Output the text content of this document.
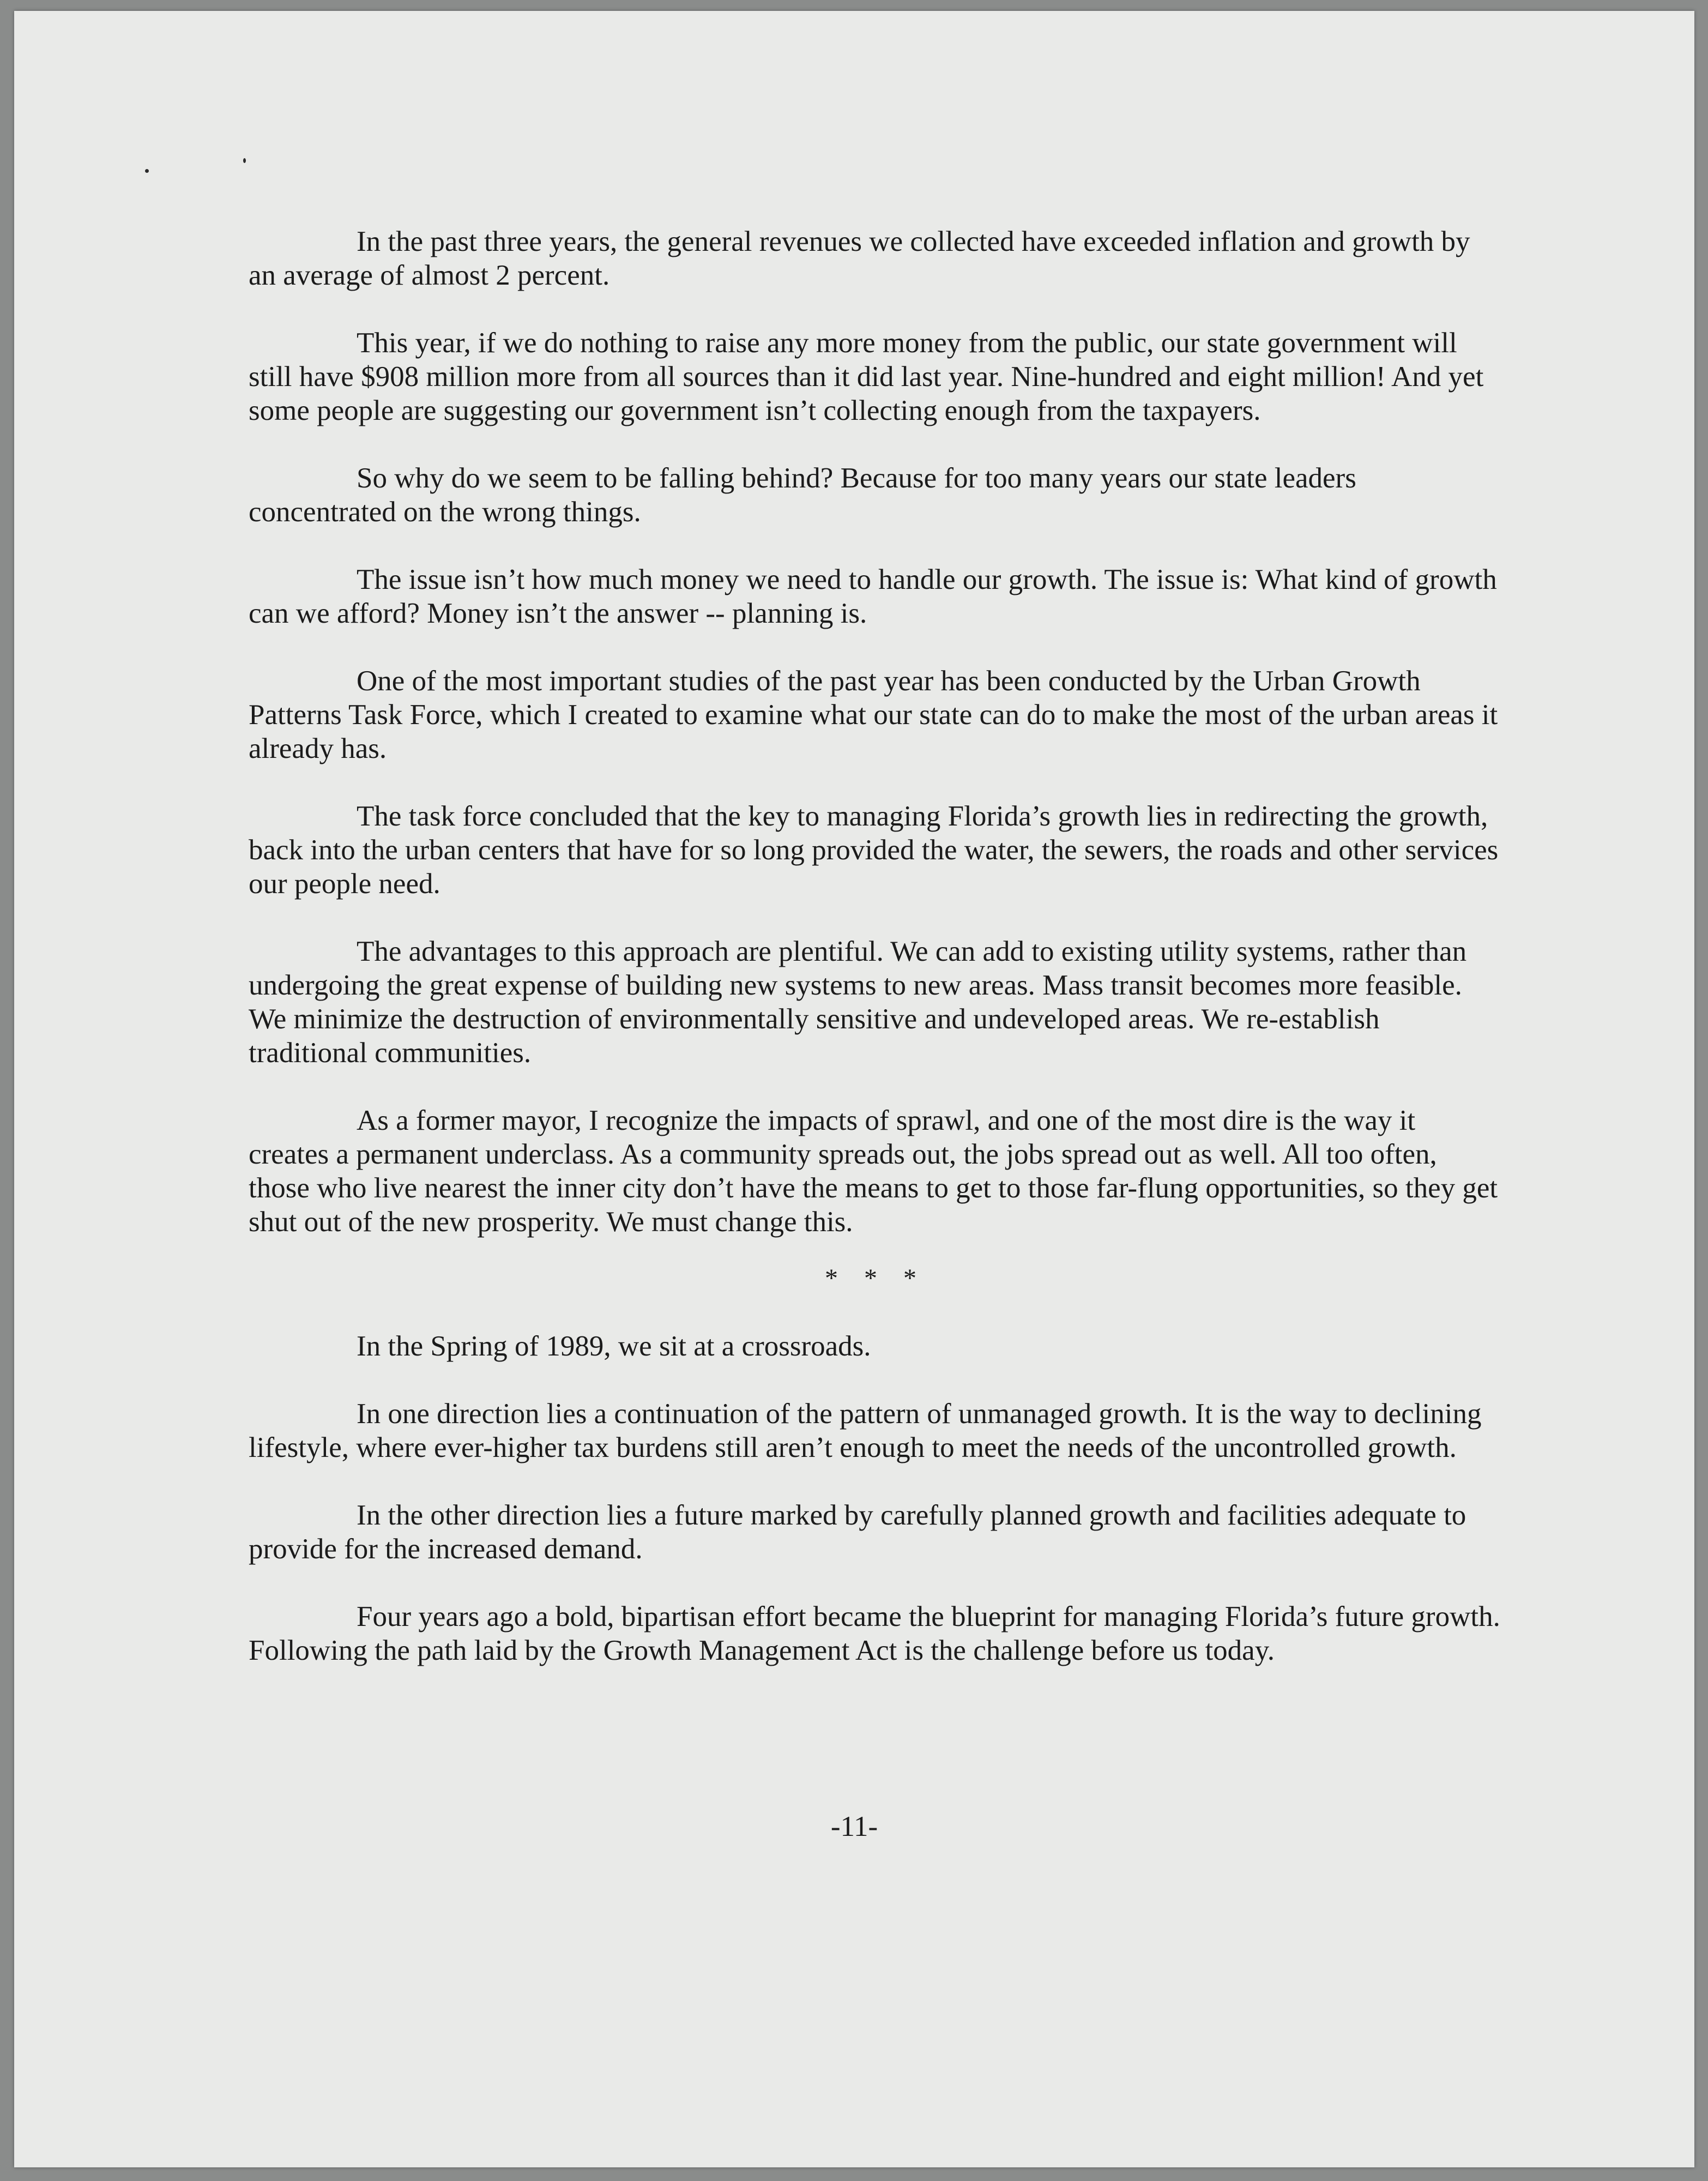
In the past three years, the general revenues we collected have exceeded inflation and growth by an average of almost 2 percent.

This year, if we do nothing to raise any more money from the public, our state government will still have $908 million more from all sources than it did last year. Nine-hundred and eight million! And yet some people are suggesting our government isn’t collecting enough from the taxpayers.

So why do we seem to be falling behind? Because for too many years our state leaders concentrated on the wrong things.

The issue isn’t how much money we need to handle our growth. The issue is: What kind of growth can we afford? Money isn’t the answer -- planning is.

One of the most important studies of the past year has been conducted by the Urban Growth Patterns Task Force, which I created to examine what our state can do to make the most of the urban areas it already has.

The task force concluded that the key to managing Florida’s growth lies in redirecting the growth, back into the urban centers that have for so long provided the water, the sewers, the roads and other services our people need.

The advantages to this approach are plentiful. We can add to existing utility systems, rather than undergoing the great expense of building new systems to new areas. Mass transit becomes more feasible. We minimize the destruction of environmentally sensitive and undeveloped areas. We re-establish traditional communities.

As a former mayor, I recognize the impacts of sprawl, and one of the most dire is the way it creates a permanent underclass. As a community spreads out, the jobs spread out as well. All too often, those who live nearest the inner city don’t have the means to get to those far-flung opportunities, so they get shut out of the new prosperity. We must change this.

* * *

In the Spring of 1989, we sit at a crossroads.

In one direction lies a continuation of the pattern of unmanaged growth. It is the way to declining lifestyle, where ever-higher tax burdens still aren’t enough to meet the needs of the uncontrolled growth.

In the other direction lies a future marked by carefully planned growth and facilities adequate to provide for the increased demand.

Four years ago a bold, bipartisan effort became the blueprint for managing Florida’s future growth. Following the path laid by the Growth Management Act is the challenge before us today.

-11-
